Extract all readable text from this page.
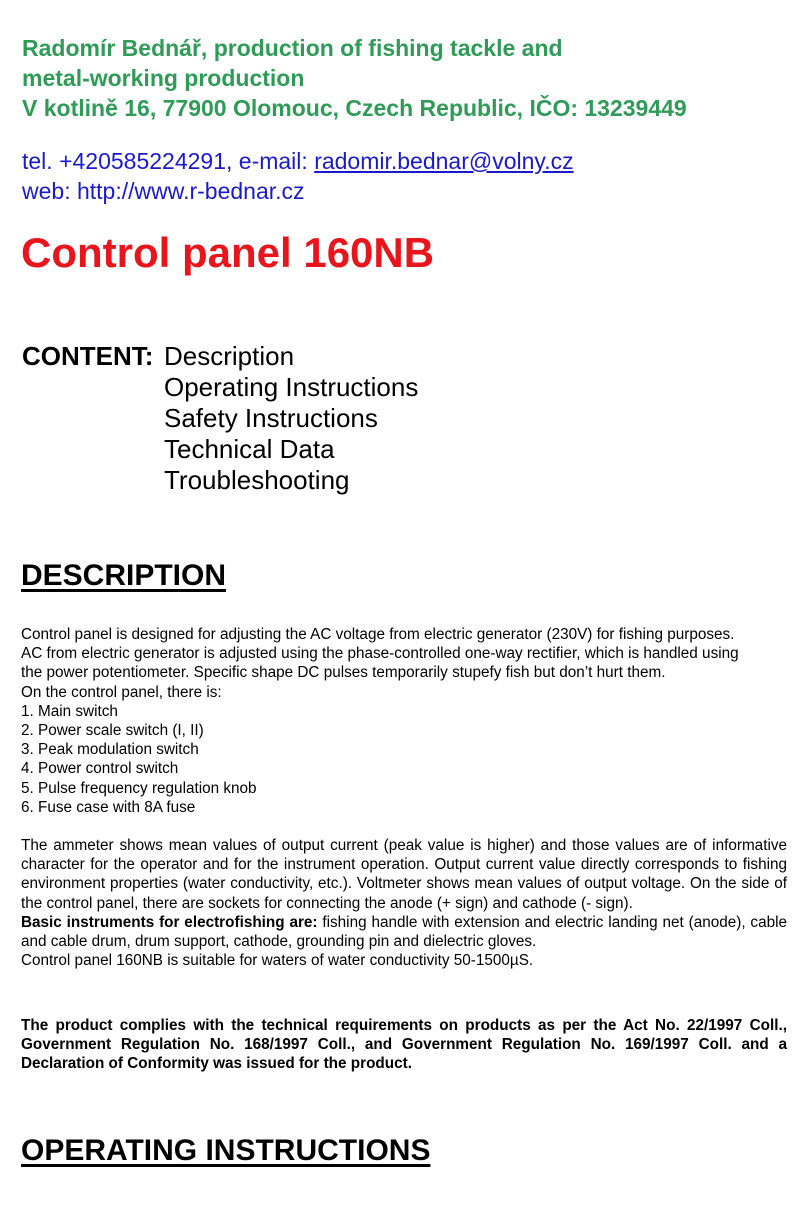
Radomír Bednář, production of fishing tackle and
metal-working production
V kotlině 16, 77900 Olomouc, Czech Republic, IČO: 13239449
tel. +420585224291, e-mail: radomir.bednar@volny.cz
web: http://www.r-bednar.cz
Control panel 160NB
CONTENT: Description
Operating Instructions
Safety Instructions
Technical Data
Troubleshooting
DESCRIPTION
Control panel is designed for adjusting the AC voltage from electric generator (230V) for fishing purposes.
AC from electric generator is adjusted using the phase-controlled one-way rectifier, which is handled using
the power potentiometer. Specific shape DC pulses temporarily stupefy fish but don’t hurt them.
On the control panel, there is:
1. Main switch
2. Power scale switch (I, II)
3. Peak modulation switch
4. Power control switch
5. Pulse frequency regulation knob
6. Fuse case with 8A fuse
The ammeter shows mean values of output current (peak value is higher) and those values are of informative character for the operator and for the instrument operation. Output current value directly corresponds to fishing environment properties (water conductivity, etc.). Voltmeter shows mean values of output voltage. On the side of the control panel, there are sockets for connecting the anode (+ sign) and cathode (- sign).
Basic instruments for electrofishing are: fishing handle with extension and electric landing net (anode), cable and cable drum, drum support, cathode, grounding pin and dielectric gloves.
Control panel 160NB is suitable for waters of water conductivity 50-1500µS.
The product complies with the technical requirements on products as per the Act No. 22/1997 Coll., Government Regulation No. 168/1997 Coll., and Government Regulation No. 169/1997 Coll. and a Declaration of Conformity was issued for the product.
OPERATING INSTRUCTIONS
